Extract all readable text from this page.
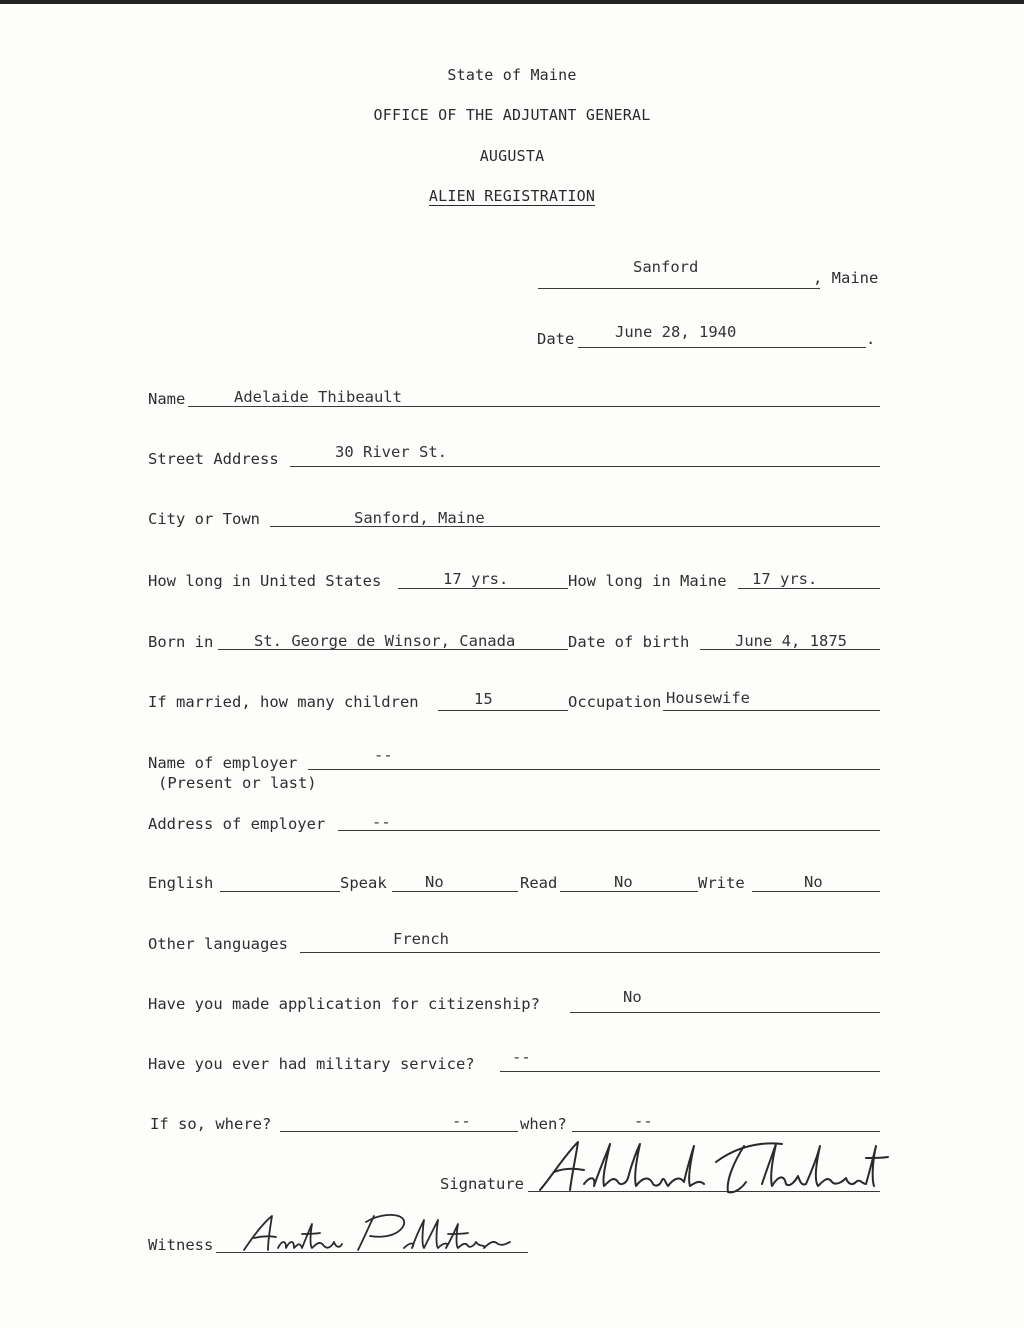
State of Maine
OFFICE OF THE ADJUTANT GENERAL
AUGUSTA
ALIEN REGISTRATION
Sanford
, Maine
Date	June 28, 1940	.
Name	Adelaide Thibeault
Street Address	30 River St.
City or Town	Sanford, Maine
How long in United States	17 yrs.	How long in Maine 17 yrs.
Born in	St. George de Winsor, Canada	Date of birth	June 4, 1875
If married, how many children	15	Occupation Housewife
Name of employer	--
(Present or last)
Address of employer	--
English	Speak No	Read	No	Write	No
Other languages	French
Have you made application for citizenship?	No
Have you ever had military service? --
If so, where?	--	when?	--
Signature
Witness
